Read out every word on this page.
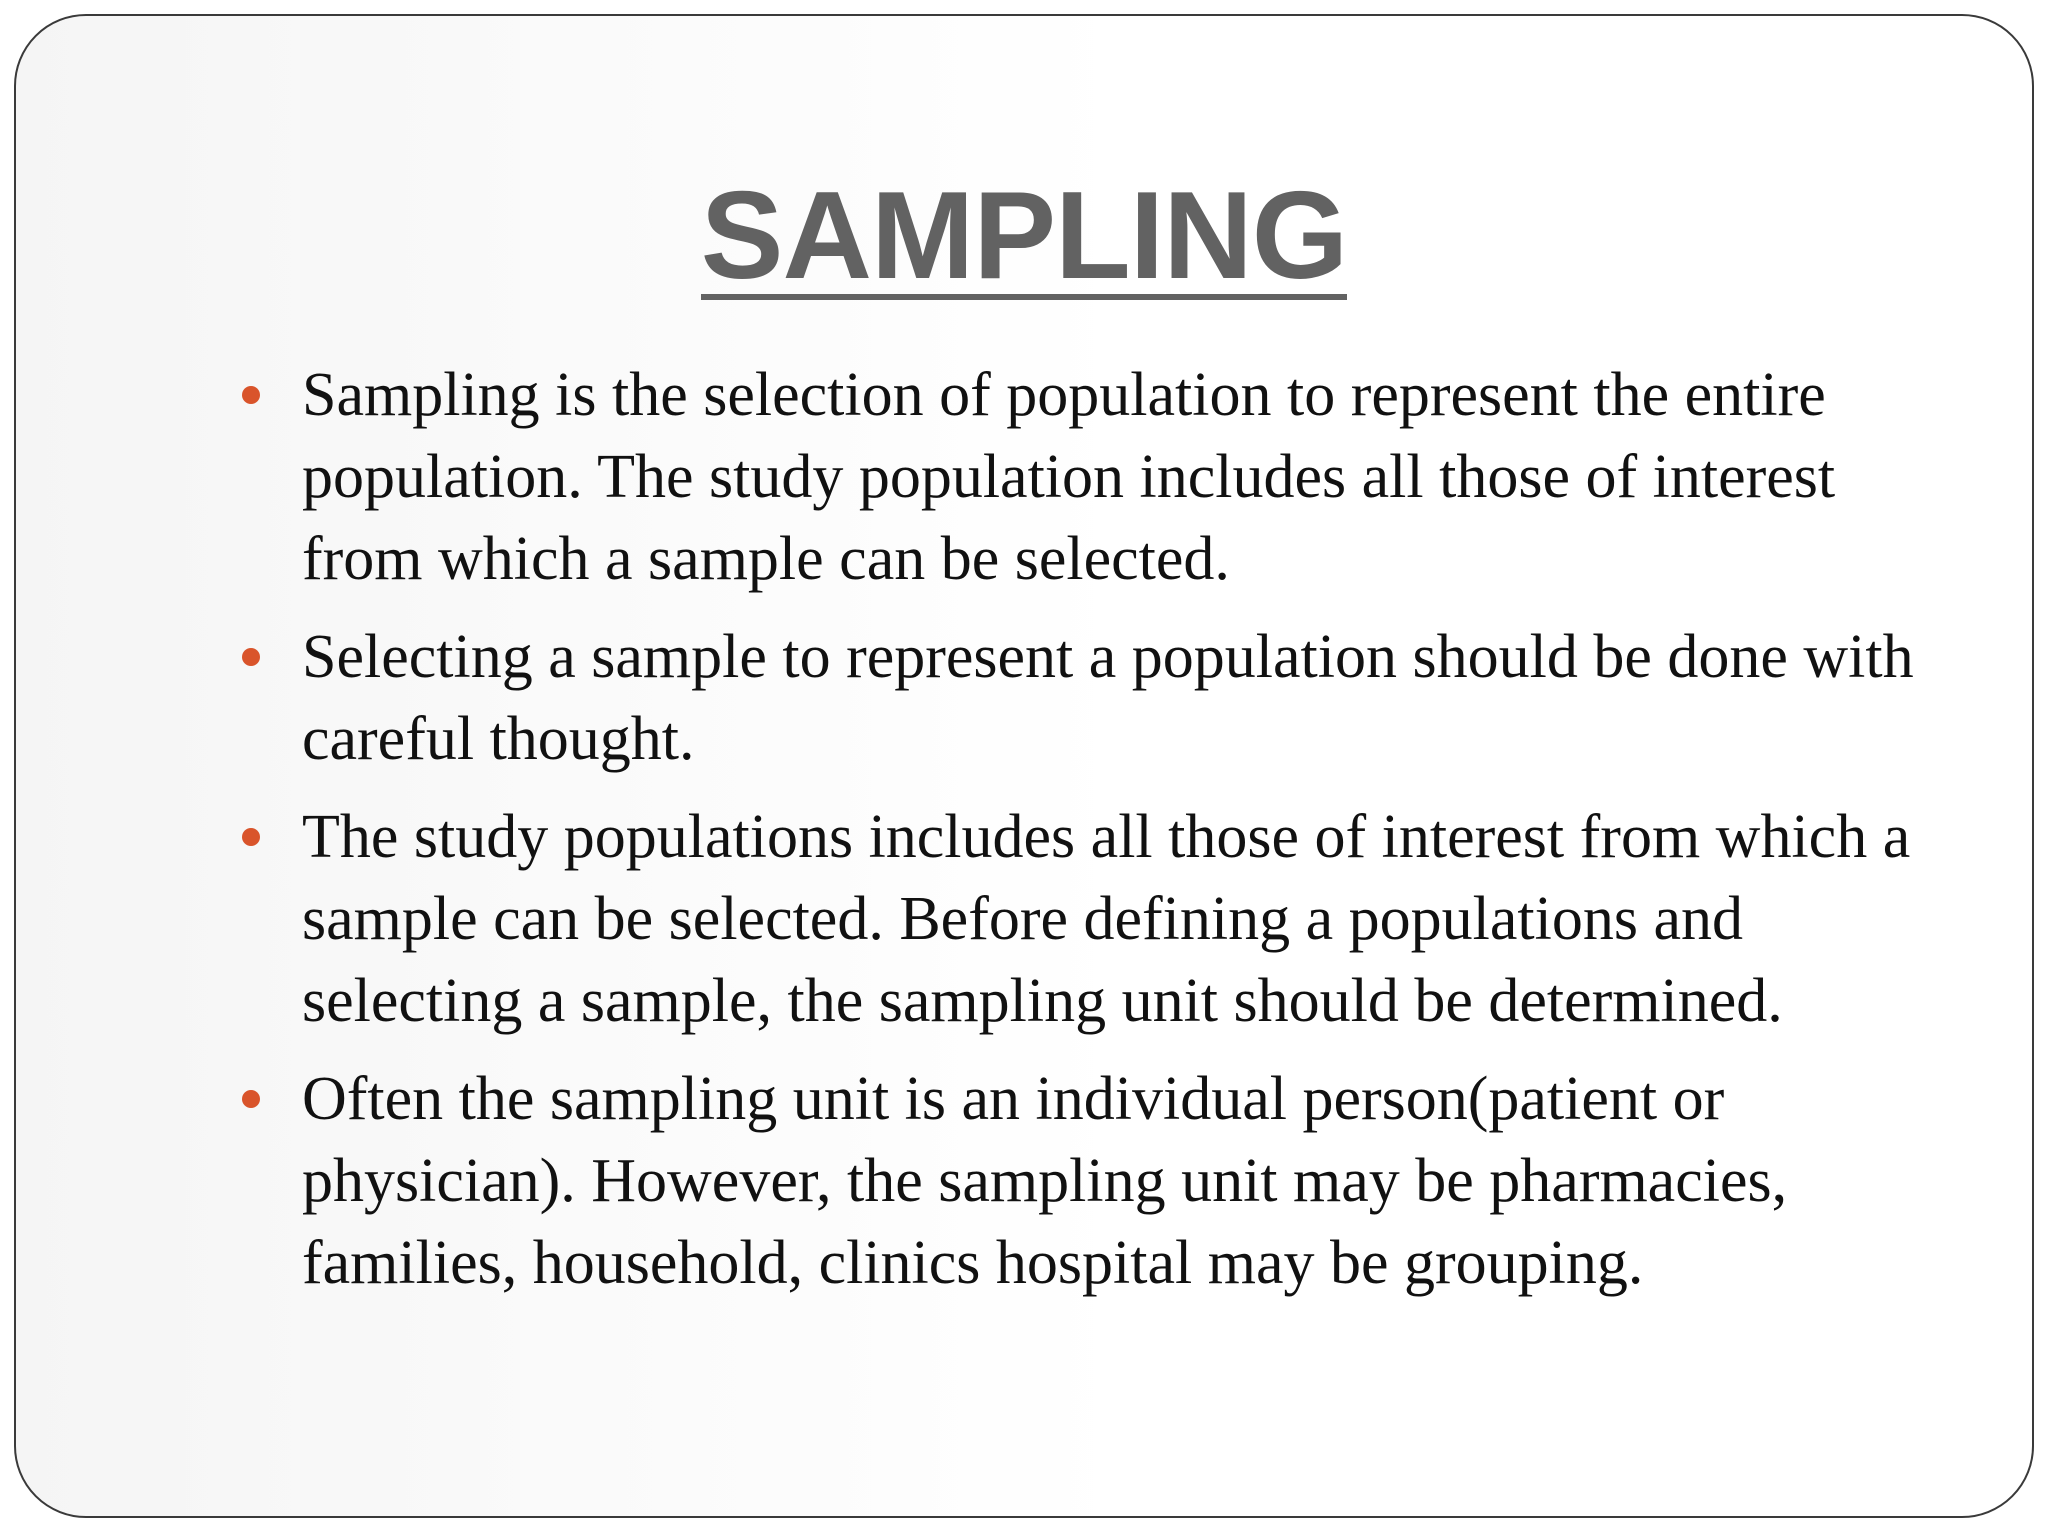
SAMPLING
Sampling is the selection of population to represent the entire population. The study population includes all those of interest from which a sample can be selected.
Selecting a sample to represent a population should be done with careful thought.
The study populations includes all those of interest from which a sample can be selected. Before defining a populations and selecting a sample, the sampling unit should be determined.
Often the sampling unit is an individual person(patient or physician). However, the sampling unit may be pharmacies, families, household, clinics hospital may be grouping.
